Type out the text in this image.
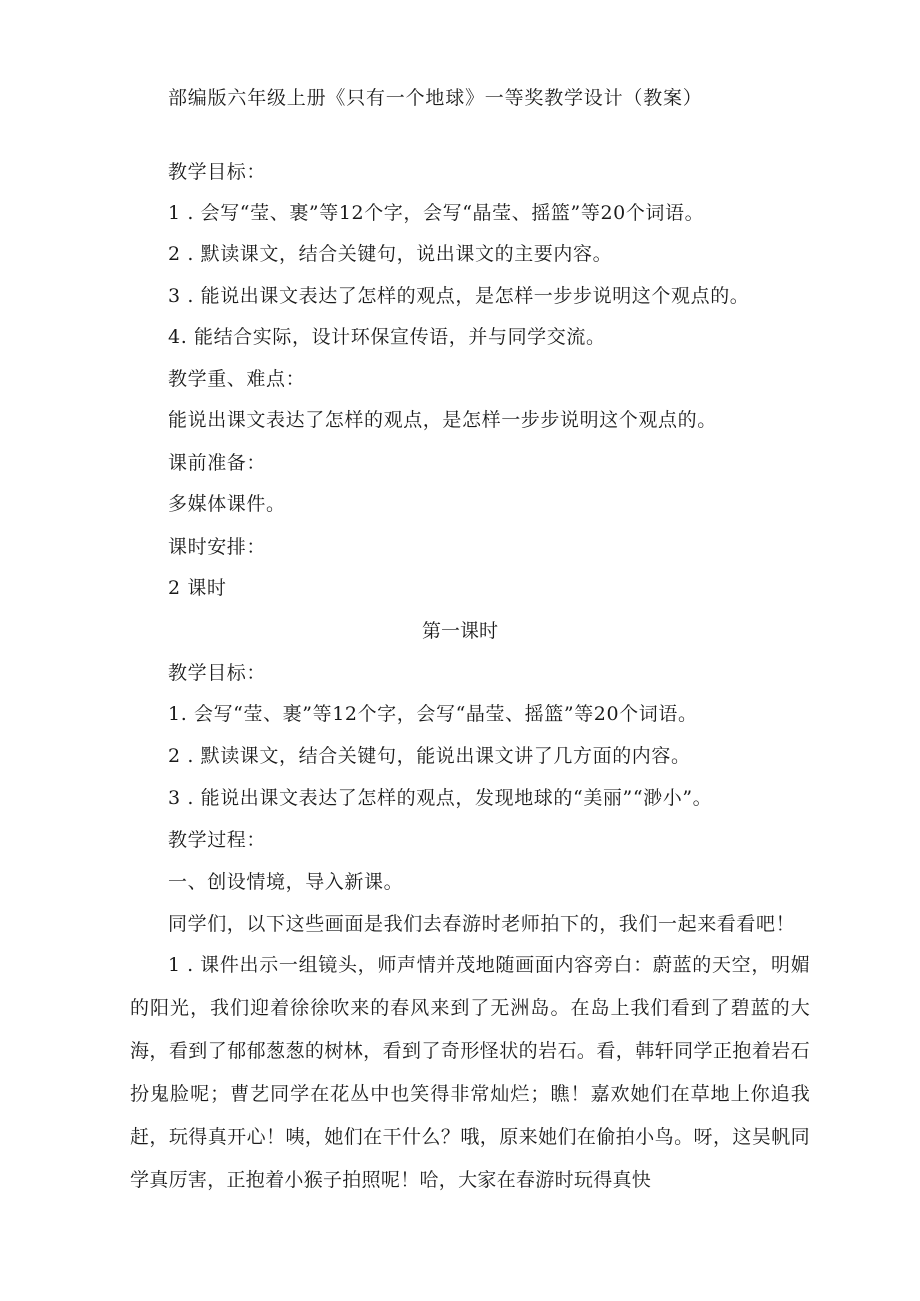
部编版六年级上册《只有一个地球》一等奖教学设计（教案）
教学目标：
1 . 会写“莹、裹”等12个字，会写“晶莹、摇篮”等20个词语。
2 . 默读课文，结合关键句，说出课文的主要内容。
3 . 能说出课文表达了怎样的观点，是怎样一步步说明这个观点的。
4. 能结合实际，设计环保宣传语，并与同学交流。
教学重、难点：
能说出课文表达了怎样的观点，是怎样一步步说明这个观点的。
课前准备：
多媒体课件。
课时安排：
2 课时
第一课时
教学目标：
1. 会写“莹、裹”等12个字，会写“晶莹、摇篮”等20个词语。
2 . 默读课文，结合关键句，能说出课文讲了几方面的内容。
3 . 能说出课文表达了怎样的观点，发现地球的“美丽”“渺小”。
教学过程：
一、创设情境，导入新课。
同学们，以下这些画面是我们去春游时老师拍下的，我们一起来看看吧！
1 . 课件出示一组镜头，师声情并茂地随画面内容旁白：蔚蓝的天空，明媚的阳光，我们迎着徐徐吹来的春风来到了无洲岛。在岛上我们看到了碧蓝的大海，看到了郁郁葱葱的树林，看到了奇形怪状的岩石。看，韩轩同学正抱着岩石扮鬼脸呢；曹艺同学在花丛中也笑得非常灿烂；瞧！嘉欢她们在草地上你追我赶，玩得真开心！咦，她们在干什么？哦，原来她们在偷拍小鸟。呀，这吴帆同学真厉害，正抱着小猴子拍照呢！哈，大家在春游时玩得真快
